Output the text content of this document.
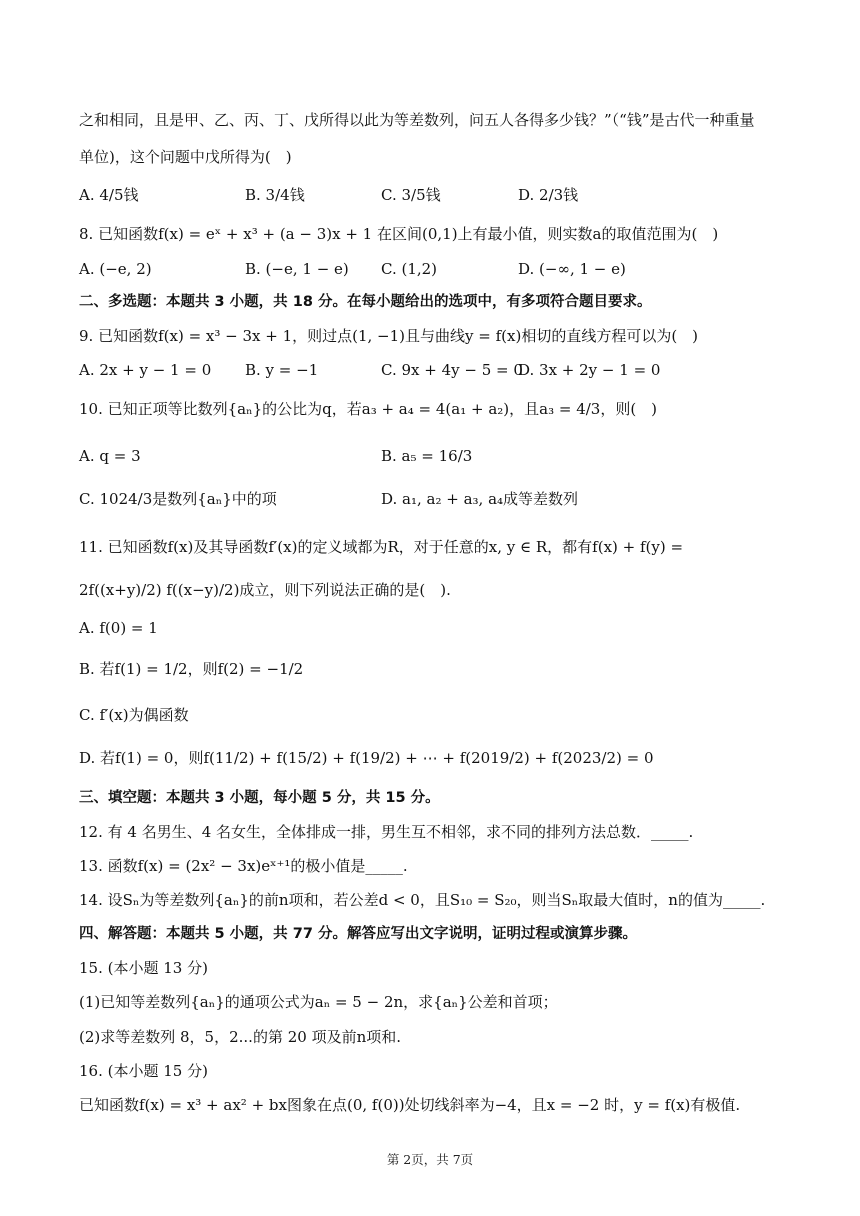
之和相同，且是甲、乙、丙、丁、戊所得以此为等差数列，问五人各得多少钱？”（“钱”是古代一种重量
单位)，这个问题中戊所得为(　)
A. 4/5钱	B. 3/4钱	C. 3/5钱	D. 2/3钱
8. 已知函数f(x) = eˣ + x³ + (a − 3)x + 1 在区间(0,1)上有最小值，则实数a的取值范围为(　)
A. (−e, 2)	B. (−e, 1 − e) C. (1,2)	D. (−∞, 1 − e)
二、多选题：本题共 3 小题，共 18 分。在每小题给出的选项中，有多项符合题目要求。
9. 已知函数f(x) = x³ − 3x + 1，则过点(1, −1)且与曲线y = f(x)相切的直线方程可以为(　)
A. 2x + y − 1 = 0 B. y = −1	C. 9x + 4y − 5 = 0
D. 3x + 2y − 1 = 0
10. 已知正项等比数列{aₙ}的公比为q，若a₃ + a₄ = 4(a₁ + a₂)，且a₃ = 4/3，则(　)
A. q = 3	B. a₅ = 16/3
C. 1024/3是数列{aₙ}中的项	D. a₁, a₂ + a₃, a₄成等差数列
11. 已知函数f(x)及其导函数f′(x)的定义域都为R，对于任意的x, y ∈ R，都有f(x) + f(y) =
2f((x+y)/2) f((x−y)/2)成立，则下列说法正确的是(　).
A. f(0) = 1
B. 若f(1) = 1/2，则f(2) = −1/2
C. f′(x)为偶函数
D. 若f(1) = 0，则f(11/2) + f(15/2) + f(19/2) + ⋯ + f(2019/2) + f(2023/2) = 0
三、填空题：本题共 3 小题，每小题 5 分，共 15 分。
12. 有 4 名男生、4 名女生，全体排成一排，男生互不相邻，求不同的排列方法总数．_____.
13. 函数f(x) = (2x² − 3x)eˣ⁺¹的极小值是_____.
14. 设Sₙ为等差数列{aₙ}的前n项和，若公差d < 0，且S₁₀ = S₂₀，则当Sₙ取最大值时，n的值为_____.
四、解答题：本题共 5 小题，共 77 分。解答应写出文字说明，证明过程或演算步骤。
15. (本小题 13 分)
(1)已知等差数列{aₙ}的通项公式为aₙ = 5 − 2n，求{aₙ}公差和首项；
(2)求等差数列 8，5，2...的第 20 项及前n项和.
16. (本小题 15 分)
已知函数f(x) = x³ + ax² + bx图象在点(0, f(0))处切线斜率为−4，且x = −2 时，y = f(x)有极值.
第 2页，共 7页
